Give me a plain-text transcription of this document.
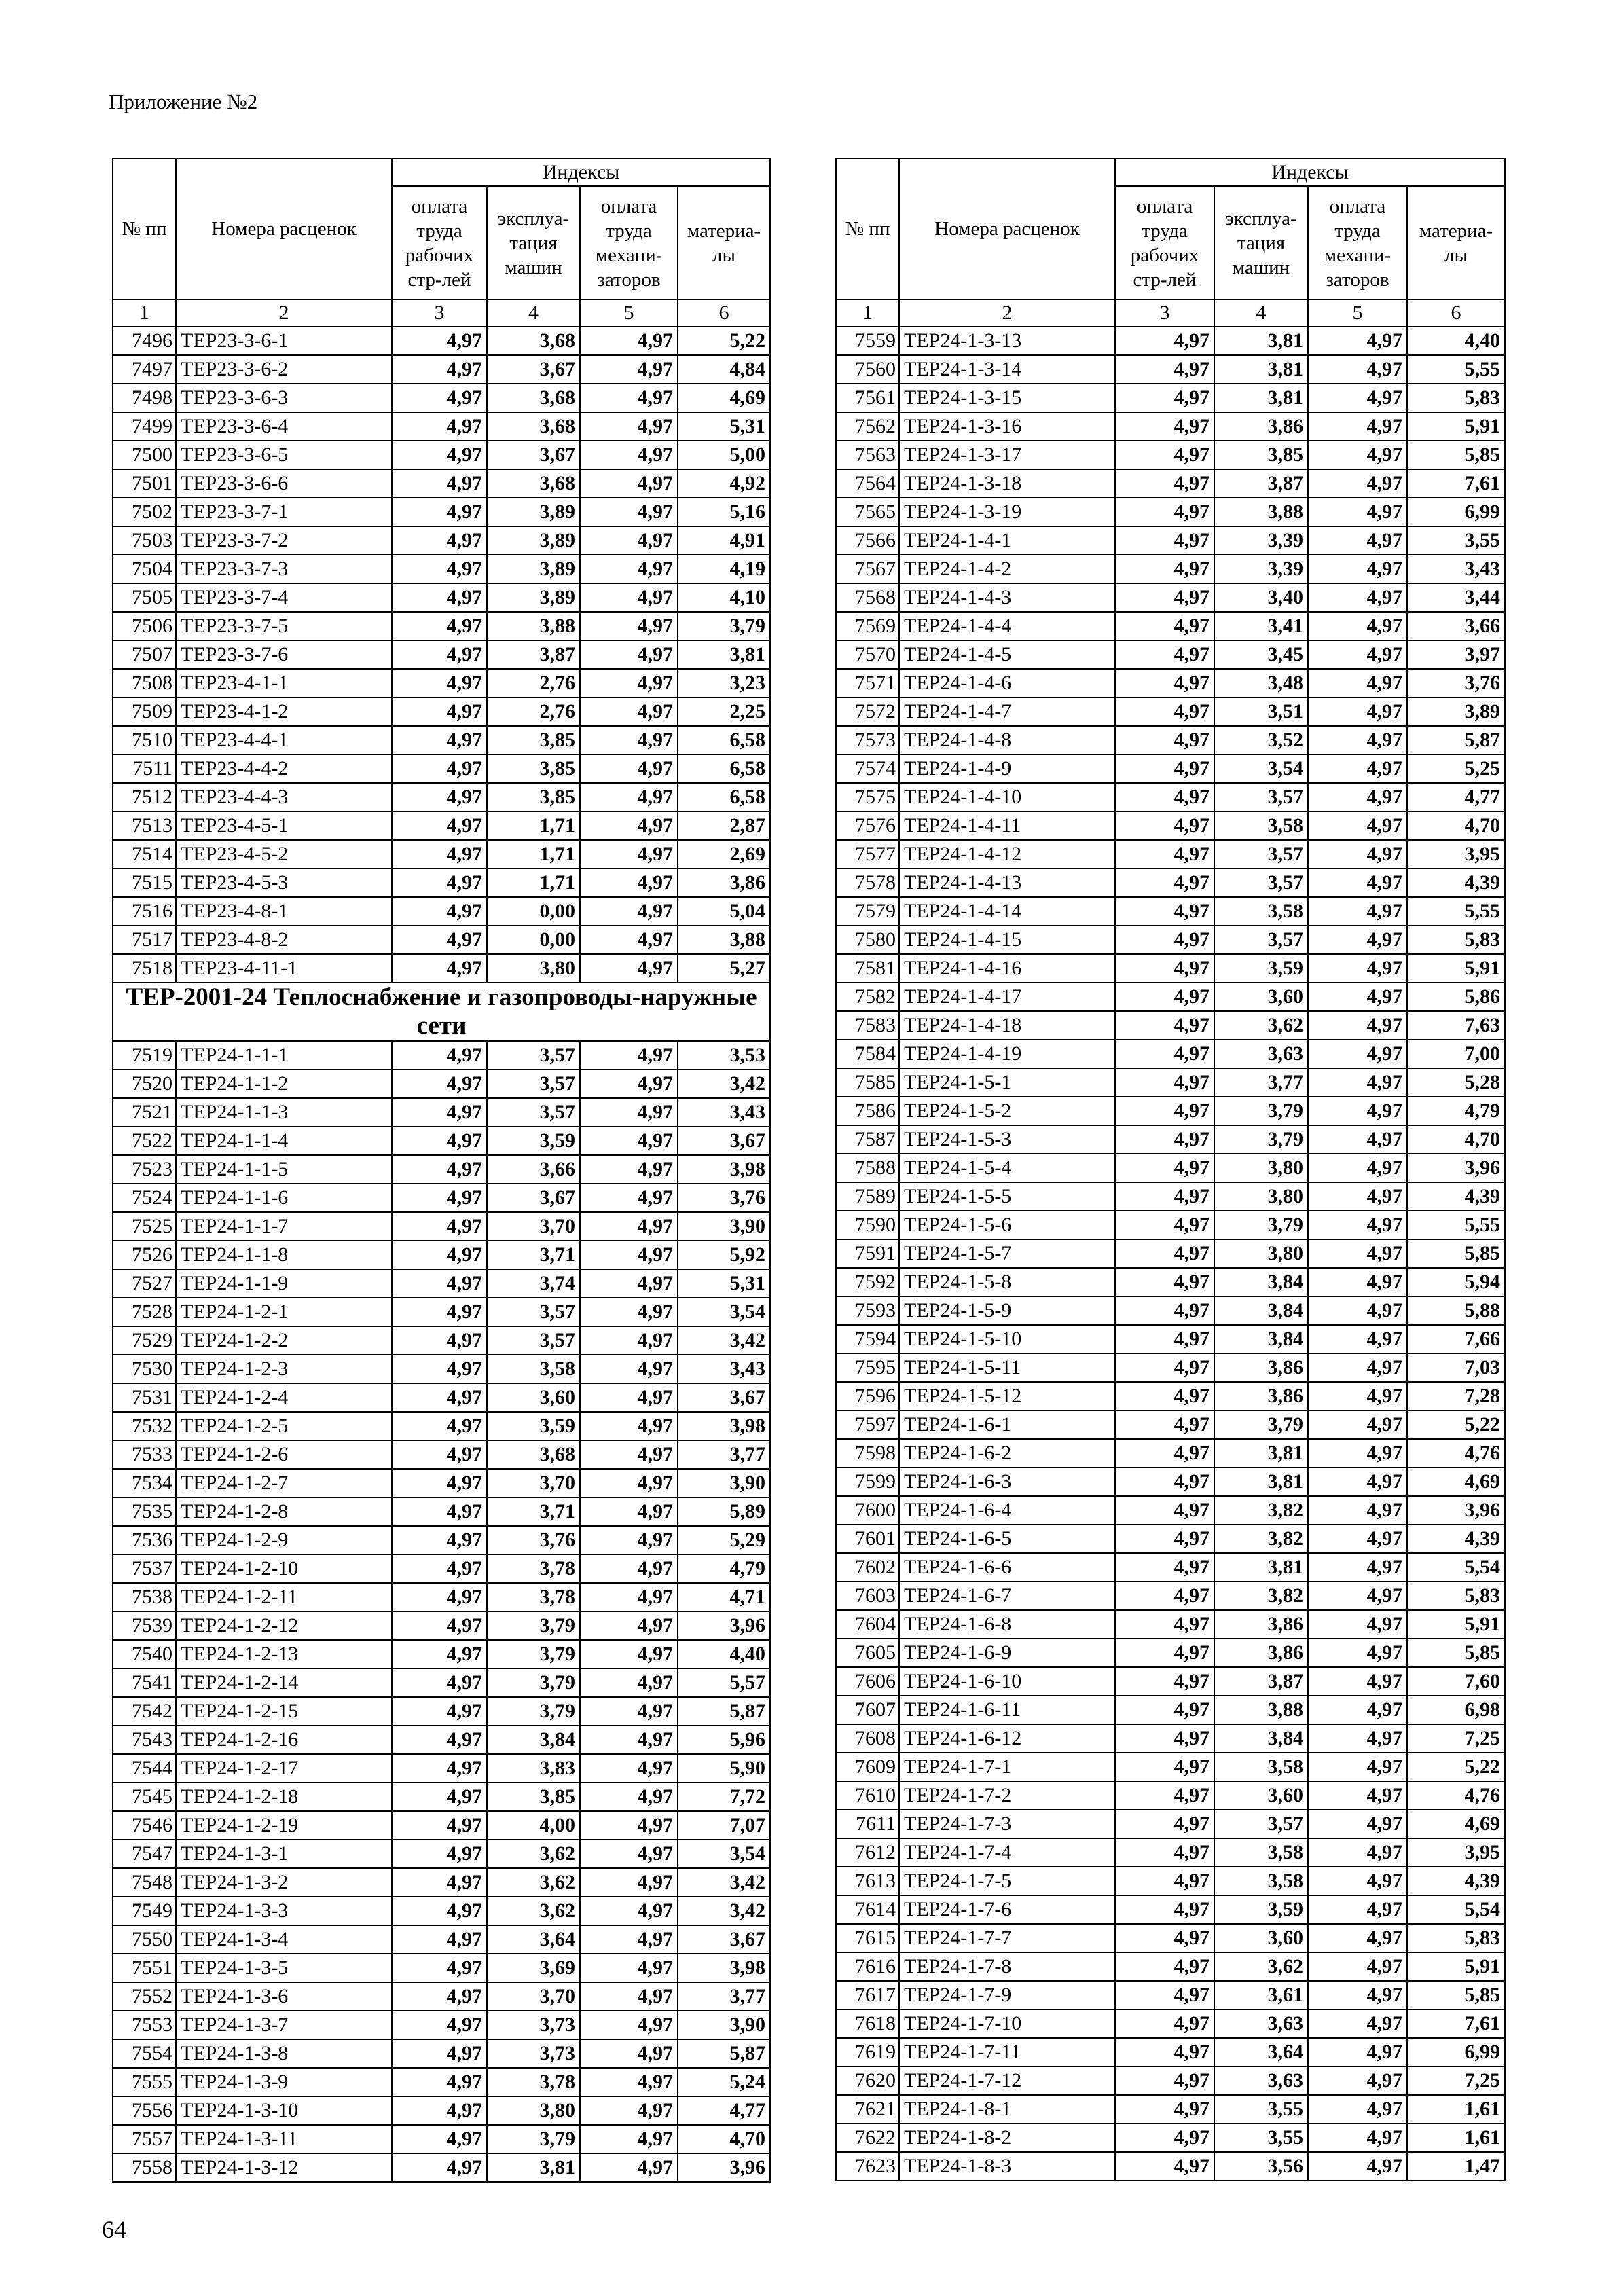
Приложение №2
№ пп	Номера расценок	Индексы			
		оплата труда рабочих стр-лей	эксплуа-тация машин	оплата труда механи-заторов	материа-лы
1	2	3	4	5	6
7496	ТЕР23-3-6-1	4,97	3,68	4,97	5,22
7497	ТЕР23-3-6-2	4,97	3,67	4,97	4,84
7498	ТЕР23-3-6-3	4,97	3,68	4,97	4,69
7499	ТЕР23-3-6-4	4,97	3,68	4,97	5,31
7500	ТЕР23-3-6-5	4,97	3,67	4,97	5,00
7501	ТЕР23-3-6-6	4,97	3,68	4,97	4,92
7502	ТЕР23-3-7-1	4,97	3,89	4,97	5,16
7503	ТЕР23-3-7-2	4,97	3,89	4,97	4,91
7504	ТЕР23-3-7-3	4,97	3,89	4,97	4,19
7505	ТЕР23-3-7-4	4,97	3,89	4,97	4,10
7506	ТЕР23-3-7-5	4,97	3,88	4,97	3,79
7507	ТЕР23-3-7-6	4,97	3,87	4,97	3,81
7508	ТЕР23-4-1-1	4,97	2,76	4,97	3,23
7509	ТЕР23-4-1-2	4,97	2,76	4,97	2,25
7510	ТЕР23-4-4-1	4,97	3,85	4,97	6,58
7511	ТЕР23-4-4-2	4,97	3,85	4,97	6,58
7512	ТЕР23-4-4-3	4,97	3,85	4,97	6,58
7513	ТЕР23-4-5-1	4,97	1,71	4,97	2,87
7514	ТЕР23-4-5-2	4,97	1,71	4,97	2,69
7515	ТЕР23-4-5-3	4,97	1,71	4,97	3,86
7516	ТЕР23-4-8-1	4,97	0,00	4,97	5,04
7517	ТЕР23-4-8-2	4,97	0,00	4,97	3,88
7518	ТЕР23-4-11-1	4,97	3,80	4,97	5,27
ТЕР-2001-24 Теплоснабжение и газопроводы-наружные сети					
7519	ТЕР24-1-1-1	4,97	3,57	4,97	3,53
7520	ТЕР24-1-1-2	4,97	3,57	4,97	3,42
7521	ТЕР24-1-1-3	4,97	3,57	4,97	3,43
7522	ТЕР24-1-1-4	4,97	3,59	4,97	3,67
7523	ТЕР24-1-1-5	4,97	3,66	4,97	3,98
7524	ТЕР24-1-1-6	4,97	3,67	4,97	3,76
7525	ТЕР24-1-1-7	4,97	3,70	4,97	3,90
7526	ТЕР24-1-1-8	4,97	3,71	4,97	5,92
7527	ТЕР24-1-1-9	4,97	3,74	4,97	5,31
7528	ТЕР24-1-2-1	4,97	3,57	4,97	3,54
7529	ТЕР24-1-2-2	4,97	3,57	4,97	3,42
7530	ТЕР24-1-2-3	4,97	3,58	4,97	3,43
7531	ТЕР24-1-2-4	4,97	3,60	4,97	3,67
7532	ТЕР24-1-2-5	4,97	3,59	4,97	3,98
7533	ТЕР24-1-2-6	4,97	3,68	4,97	3,77
7534	ТЕР24-1-2-7	4,97	3,70	4,97	3,90
7535	ТЕР24-1-2-8	4,97	3,71	4,97	5,89
7536	ТЕР24-1-2-9	4,97	3,76	4,97	5,29
7537	ТЕР24-1-2-10	4,97	3,78	4,97	4,79
7538	ТЕР24-1-2-11	4,97	3,78	4,97	4,71
7539	ТЕР24-1-2-12	4,97	3,79	4,97	3,96
7540	ТЕР24-1-2-13	4,97	3,79	4,97	4,40
7541	ТЕР24-1-2-14	4,97	3,79	4,97	5,57
7542	ТЕР24-1-2-15	4,97	3,79	4,97	5,87
7543	ТЕР24-1-2-16	4,97	3,84	4,97	5,96
7544	ТЕР24-1-2-17	4,97	3,83	4,97	5,90
7545	ТЕР24-1-2-18	4,97	3,85	4,97	7,72
7546	ТЕР24-1-2-19	4,97	4,00	4,97	7,07
7547	ТЕР24-1-3-1	4,97	3,62	4,97	3,54
7548	ТЕР24-1-3-2	4,97	3,62	4,97	3,42
7549	ТЕР24-1-3-3	4,97	3,62	4,97	3,42
7550	ТЕР24-1-3-4	4,97	3,64	4,97	3,67
7551	ТЕР24-1-3-5	4,97	3,69	4,97	3,98
7552	ТЕР24-1-3-6	4,97	3,70	4,97	3,77
7553	ТЕР24-1-3-7	4,97	3,73	4,97	3,90
7554	ТЕР24-1-3-8	4,97	3,73	4,97	5,87
7555	ТЕР24-1-3-9	4,97	3,78	4,97	5,24
7556	ТЕР24-1-3-10	4,97	3,80	4,97	4,77
7557	ТЕР24-1-3-11	4,97	3,79	4,97	4,70
7558	ТЕР24-1-3-12	4,97	3,81	4,97	3,96
№ пп	Номера расценок	Индексы			
		оплата труда рабочих стр-лей	эксплуа-тация машин	оплата труда механи-заторов	материа-лы
1	2	3	4	5	6
7559	ТЕР24-1-3-13	4,97	3,81	4,97	4,40
7560	ТЕР24-1-3-14	4,97	3,81	4,97	5,55
7561	ТЕР24-1-3-15	4,97	3,81	4,97	5,83
7562	ТЕР24-1-3-16	4,97	3,86	4,97	5,91
7563	ТЕР24-1-3-17	4,97	3,85	4,97	5,85
7564	ТЕР24-1-3-18	4,97	3,87	4,97	7,61
7565	ТЕР24-1-3-19	4,97	3,88	4,97	6,99
7566	ТЕР24-1-4-1	4,97	3,39	4,97	3,55
7567	ТЕР24-1-4-2	4,97	3,39	4,97	3,43
7568	ТЕР24-1-4-3	4,97	3,40	4,97	3,44
7569	ТЕР24-1-4-4	4,97	3,41	4,97	3,66
7570	ТЕР24-1-4-5	4,97	3,45	4,97	3,97
7571	ТЕР24-1-4-6	4,97	3,48	4,97	3,76
7572	ТЕР24-1-4-7	4,97	3,51	4,97	3,89
7573	ТЕР24-1-4-8	4,97	3,52	4,97	5,87
7574	ТЕР24-1-4-9	4,97	3,54	4,97	5,25
7575	ТЕР24-1-4-10	4,97	3,57	4,97	4,77
7576	ТЕР24-1-4-11	4,97	3,58	4,97	4,70
7577	ТЕР24-1-4-12	4,97	3,57	4,97	3,95
7578	ТЕР24-1-4-13	4,97	3,57	4,97	4,39
7579	ТЕР24-1-4-14	4,97	3,58	4,97	5,55
7580	ТЕР24-1-4-15	4,97	3,57	4,97	5,83
7581	ТЕР24-1-4-16	4,97	3,59	4,97	5,91
7582	ТЕР24-1-4-17	4,97	3,60	4,97	5,86
7583	ТЕР24-1-4-18	4,97	3,62	4,97	7,63
7584	ТЕР24-1-4-19	4,97	3,63	4,97	7,00
7585	ТЕР24-1-5-1	4,97	3,77	4,97	5,28
7586	ТЕР24-1-5-2	4,97	3,79	4,97	4,79
7587	ТЕР24-1-5-3	4,97	3,79	4,97	4,70
7588	ТЕР24-1-5-4	4,97	3,80	4,97	3,96
7589	ТЕР24-1-5-5	4,97	3,80	4,97	4,39
7590	ТЕР24-1-5-6	4,97	3,79	4,97	5,55
7591	ТЕР24-1-5-7	4,97	3,80	4,97	5,85
7592	ТЕР24-1-5-8	4,97	3,84	4,97	5,94
7593	ТЕР24-1-5-9	4,97	3,84	4,97	5,88
7594	ТЕР24-1-5-10	4,97	3,84	4,97	7,66
7595	ТЕР24-1-5-11	4,97	3,86	4,97	7,03
7596	ТЕР24-1-5-12	4,97	3,86	4,97	7,28
7597	ТЕР24-1-6-1	4,97	3,79	4,97	5,22
7598	ТЕР24-1-6-2	4,97	3,81	4,97	4,76
7599	ТЕР24-1-6-3	4,97	3,81	4,97	4,69
7600	ТЕР24-1-6-4	4,97	3,82	4,97	3,96
7601	ТЕР24-1-6-5	4,97	3,82	4,97	4,39
7602	ТЕР24-1-6-6	4,97	3,81	4,97	5,54
7603	ТЕР24-1-6-7	4,97	3,82	4,97	5,83
7604	ТЕР24-1-6-8	4,97	3,86	4,97	5,91
7605	ТЕР24-1-6-9	4,97	3,86	4,97	5,85
7606	ТЕР24-1-6-10	4,97	3,87	4,97	7,60
7607	ТЕР24-1-6-11	4,97	3,88	4,97	6,98
7608	ТЕР24-1-6-12	4,97	3,84	4,97	7,25
7609	ТЕР24-1-7-1	4,97	3,58	4,97	5,22
7610	ТЕР24-1-7-2	4,97	3,60	4,97	4,76
7611	ТЕР24-1-7-3	4,97	3,57	4,97	4,69
7612	ТЕР24-1-7-4	4,97	3,58	4,97	3,95
7613	ТЕР24-1-7-5	4,97	3,58	4,97	4,39
7614	ТЕР24-1-7-6	4,97	3,59	4,97	5,54
7615	ТЕР24-1-7-7	4,97	3,60	4,97	5,83
7616	ТЕР24-1-7-8	4,97	3,62	4,97	5,91
7617	ТЕР24-1-7-9	4,97	3,61	4,97	5,85
7618	ТЕР24-1-7-10	4,97	3,63	4,97	7,61
7619	ТЕР24-1-7-11	4,97	3,64	4,97	6,99
7620	ТЕР24-1-7-12	4,97	3,63	4,97	7,25
7621	ТЕР24-1-8-1	4,97	3,55	4,97	1,61
7622	ТЕР24-1-8-2	4,97	3,55	4,97	1,61
7623	ТЕР24-1-8-3	4,97	3,56	4,97	1,47
64
